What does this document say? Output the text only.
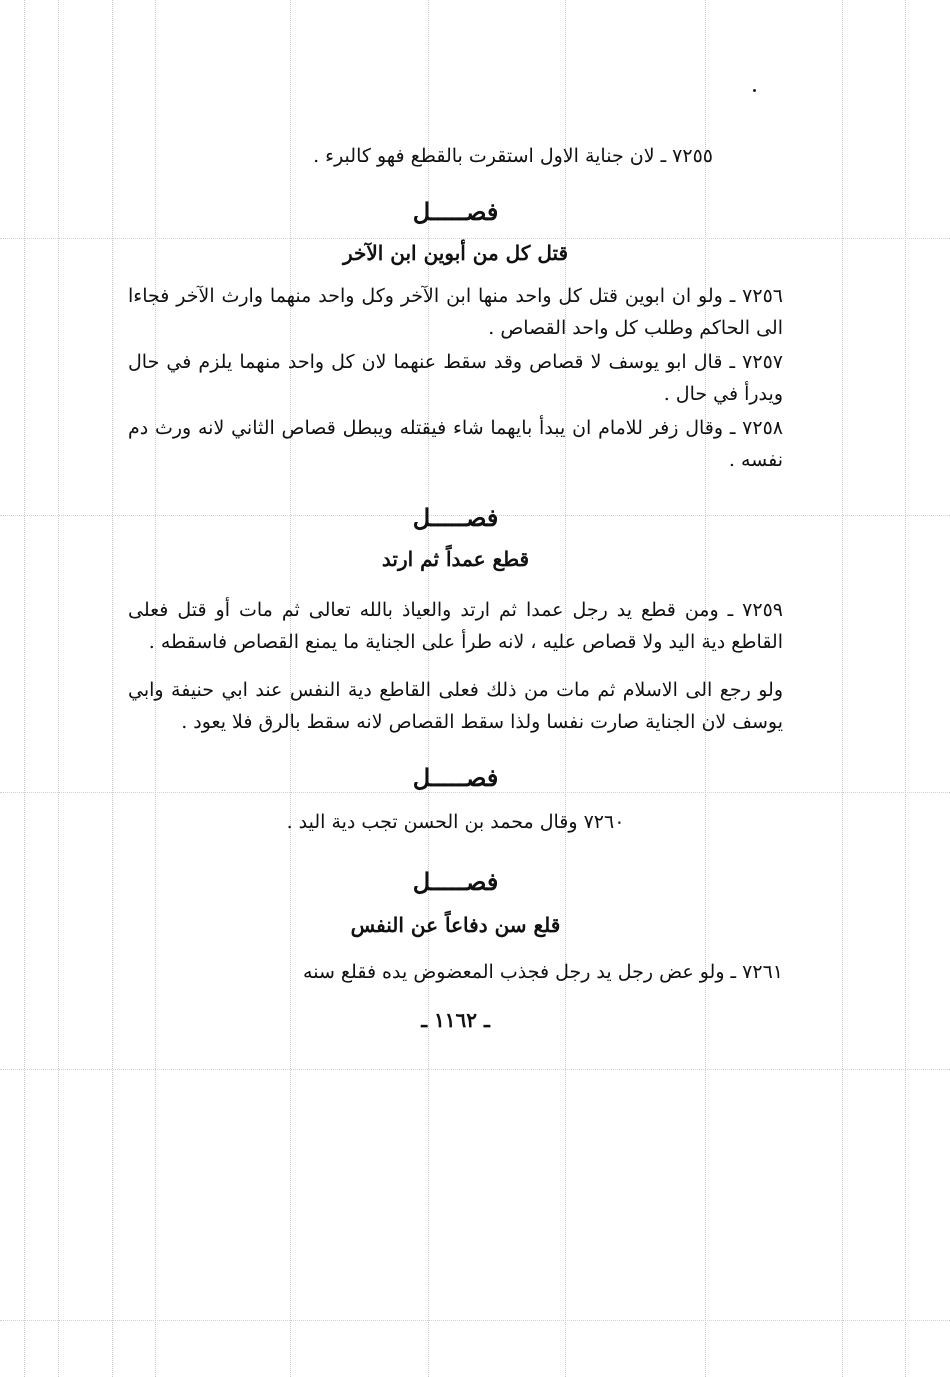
٧٢٥٥ ـ لان جناية الاول استقرت بالقطع فهو كالبرء .

فصـــــل

قتل كل من أبوين ابن الآخر

٧٢٥٦ ـ ولو ان ابوين قتل كل واحد منها ابن الآخر وكل واحد منهما وارث الآخر فجاءا الى الحاكم وطلب كل واحد القصاص .

٧٢٥٧ ـ قال ابو يوسف لا قصاص وقد سقط عنهما لان كل واحد منهما يلزم في حال ويدرأ في حال .

٧٢٥٨ ـ وقال زفر للامام ان يبدأ بايهما شاء فيقتله ويبطل قصاص الثاني لانه ورث دم نفسه .

فصـــــل

قطع عمداً ثم ارتد

٧٢٥٩ ـ ومن قطع يد رجل عمدا ثم ارتد والعياذ بالله تعالى ثم مات أو قتل فعلى القاطع دية اليد ولا قصاص عليه ، لانه طرأ على الجناية ما يمنع القصاص فاسقطه .

ولو رجع الى الاسلام ثم مات من ذلك فعلى القاطع دية النفس عند ابي حنيفة وابي يوسف لان الجناية صارت نفسا ولذا سقط القصاص لانه سقط بالرق فلا يعود .

فصـــــل

٧٢٦٠ وقال محمد بن الحسن تجب دية اليد .

فصـــــل

قلع سن دفاعاً عن النفس

٧٢٦١ ـ ولو عض رجل يد رجل فجذب المعضوض يده فقلع سنه

ـ ١١٦٢ ـ
